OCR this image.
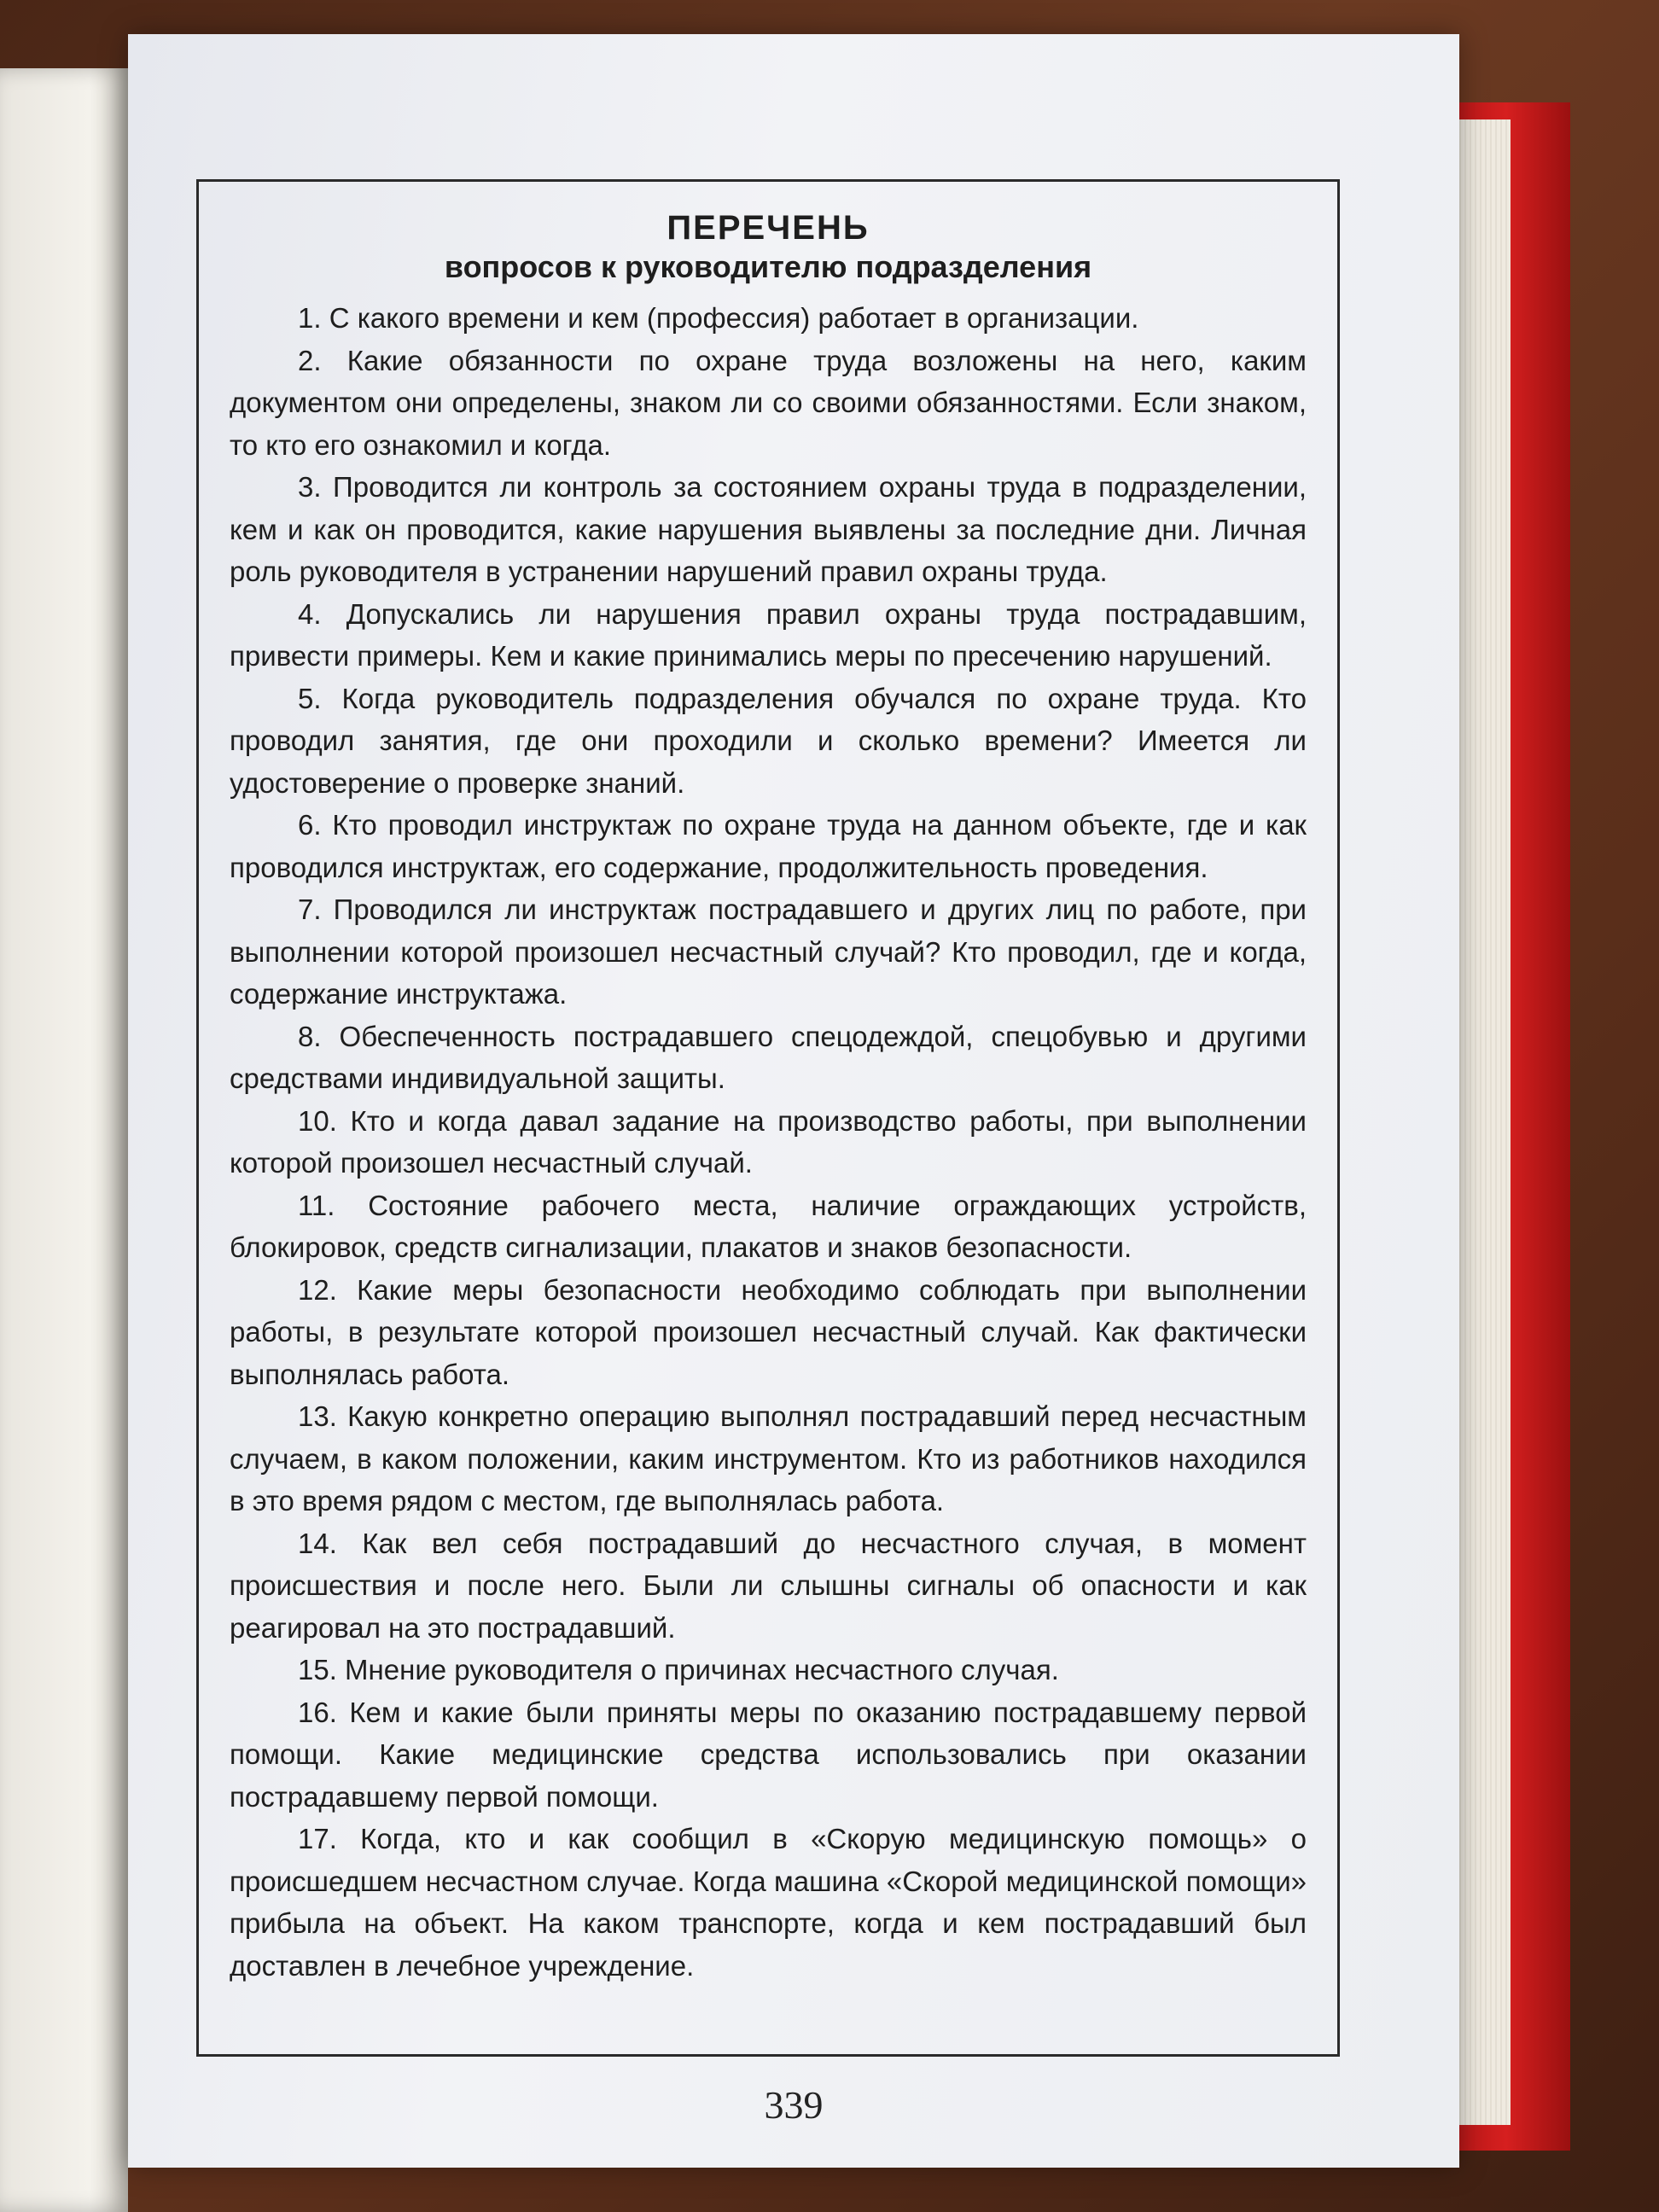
ПЕРЕЧЕНЬ

вопросов к руководителю подразделения

1. С какого времени и кем (профессия) работает в организации.

2. Какие обязанности по охране труда возложены на него, каким документом они определены, знаком ли со своими обязанностями. Если знаком, то кто его ознакомил и когда.

3. Проводится ли контроль за состоянием охраны труда в подразделении, кем и как он проводится, какие нарушения выявлены за последние дни. Личная роль руководителя в устранении нарушений правил охраны труда.

4. Допускались ли нарушения правил охраны труда пострадавшим, привести примеры. Кем и какие принимались меры по пресечению нарушений.

5. Когда руководитель подразделения обучался по охране труда. Кто проводил занятия, где они проходили и сколько времени? Имеется ли удостоверение о проверке знаний.

6. Кто проводил инструктаж по охране труда на данном объекте, где и как проводился инструктаж, его содержание, продолжительность проведения.

7. Проводился ли инструктаж пострадавшего и других лиц по работе, при выполнении которой произошел несчастный случай? Кто проводил, где и когда, содержание инструктажа.

8. Обеспеченность пострадавшего спецодеждой, спецобувью и другими средствами индивидуальной защиты.

10. Кто и когда давал задание на производство работы, при выполнении которой произошел несчастный случай.

11. Состояние рабочего места, наличие ограждающих устройств, блокировок, средств сигнализации, плакатов и знаков безопасности.

12. Какие меры безопасности необходимо соблюдать при выполнении работы, в результате которой произошел несчастный случай. Как фактически выполнялась работа.

13. Какую конкретно операцию выполнял пострадавший перед несчастным случаем, в каком положении, каким инструментом. Кто из работников находился в это время рядом с местом, где выполнялась работа.

14. Как вел себя пострадавший до несчастного случая, в момент происшествия и после него. Были ли слышны сигналы об опасности и как реагировал на это пострадавший.

15. Мнение руководителя о причинах несчастного случая.

16. Кем и какие были приняты меры по оказанию пострадавшему первой помощи. Какие медицинские средства использовались при оказании пострадавшему первой помощи.

17. Когда, кто и как сообщил в «Скорую медицинскую помощь» о происшедшем несчастном случае. Когда машина «Скорой медицинской помощи» прибыла на объект. На каком транспорте, когда и кем пострадавший был доставлен в лечебное учреждение.

339
